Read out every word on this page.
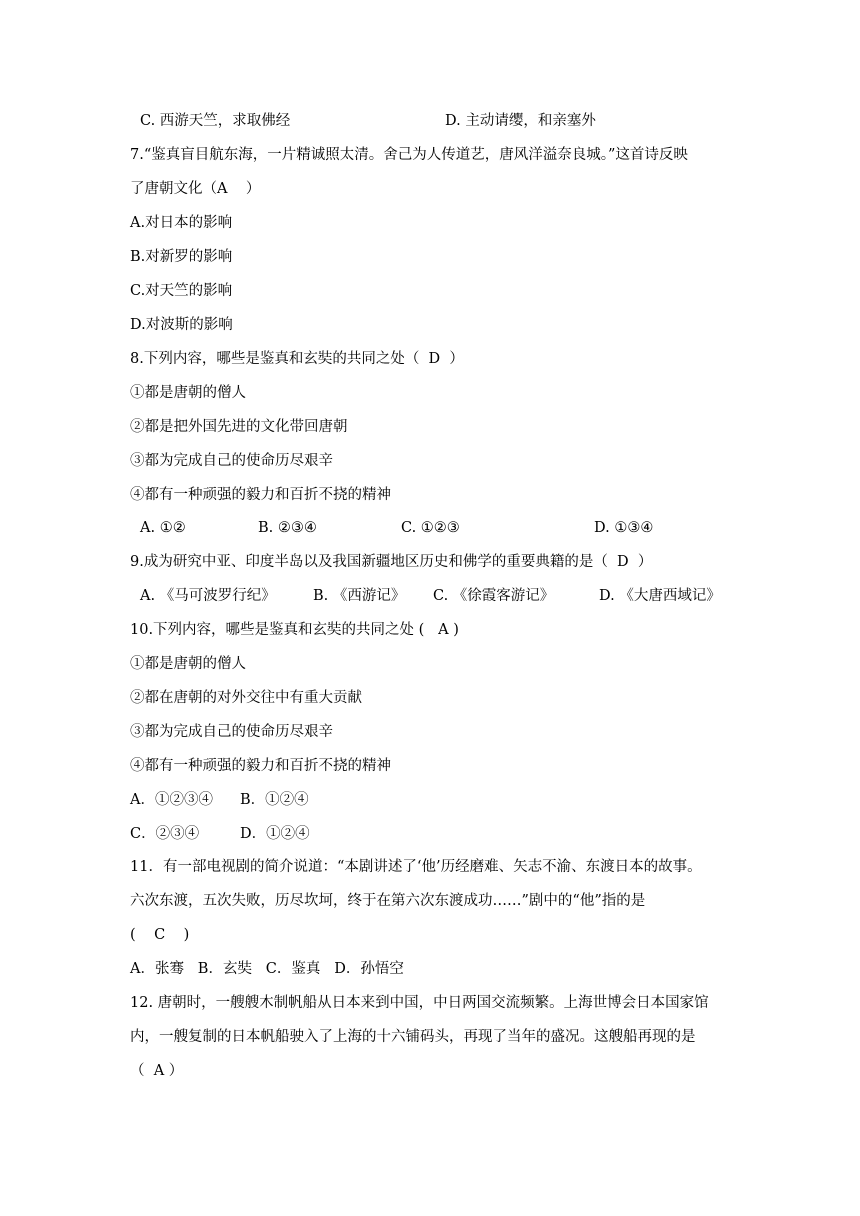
C. 西游天竺，求取佛经	D. 主动请缨，和亲塞外
7.“鉴真盲目航东海，一片精诚照太清。舍己为人传道艺，唐风洋溢奈良城。”这首诗反映
了唐朝文化（A    ）
A.对日本的影响
B.对新罗的影响
C.对天竺的影响
D.对波斯的影响
8.下列内容，哪些是鉴真和玄奘的共同之处（  D  ）
①都是唐朝的僧人
②都是把外国先进的文化带回唐朝
③都为完成自己的使命历尽艰辛
④都有一种顽强的毅力和百折不挠的精神
A. ①②	B. ②③④	C. ①②③	D. ①③④
9.成为研究中亚、印度半岛以及我国新疆地区历史和佛学的重要典籍的是（  D  ）
A. 《马可波罗行纪》	B. 《西游记》 C. 《徐霞客游记》	D. 《大唐西域记》
10.下列内容，哪些是鉴真和玄奘的共同之处 (   A )
①都是唐朝的僧人
②都在唐朝的对外交往中有重大贡献
③都为完成自己的使命历尽艰辛
④都有一种顽强的毅力和百折不挠的精神
A．①②③④ B．①②④
C．②③④	D．①②④
11．有一部电视剧的简介说道：“本剧讲述了‘他’历经磨难、矢志不渝、东渡日本的故事。
六次东渡，五次失败，历尽坎坷，终于在第六次东渡成功……”剧中的“他”指的是
(    C    )
A．张骞   B．玄奘   C．鉴真   D．孙悟空
12. 唐朝时，一艘艘木制帆船从日本来到中国，中日两国交流频繁。上海世博会日本国家馆
内，一艘复制的日本帆船驶入了上海的十六铺码头，再现了当年的盛况。这艘船再现的是
（  A ）
